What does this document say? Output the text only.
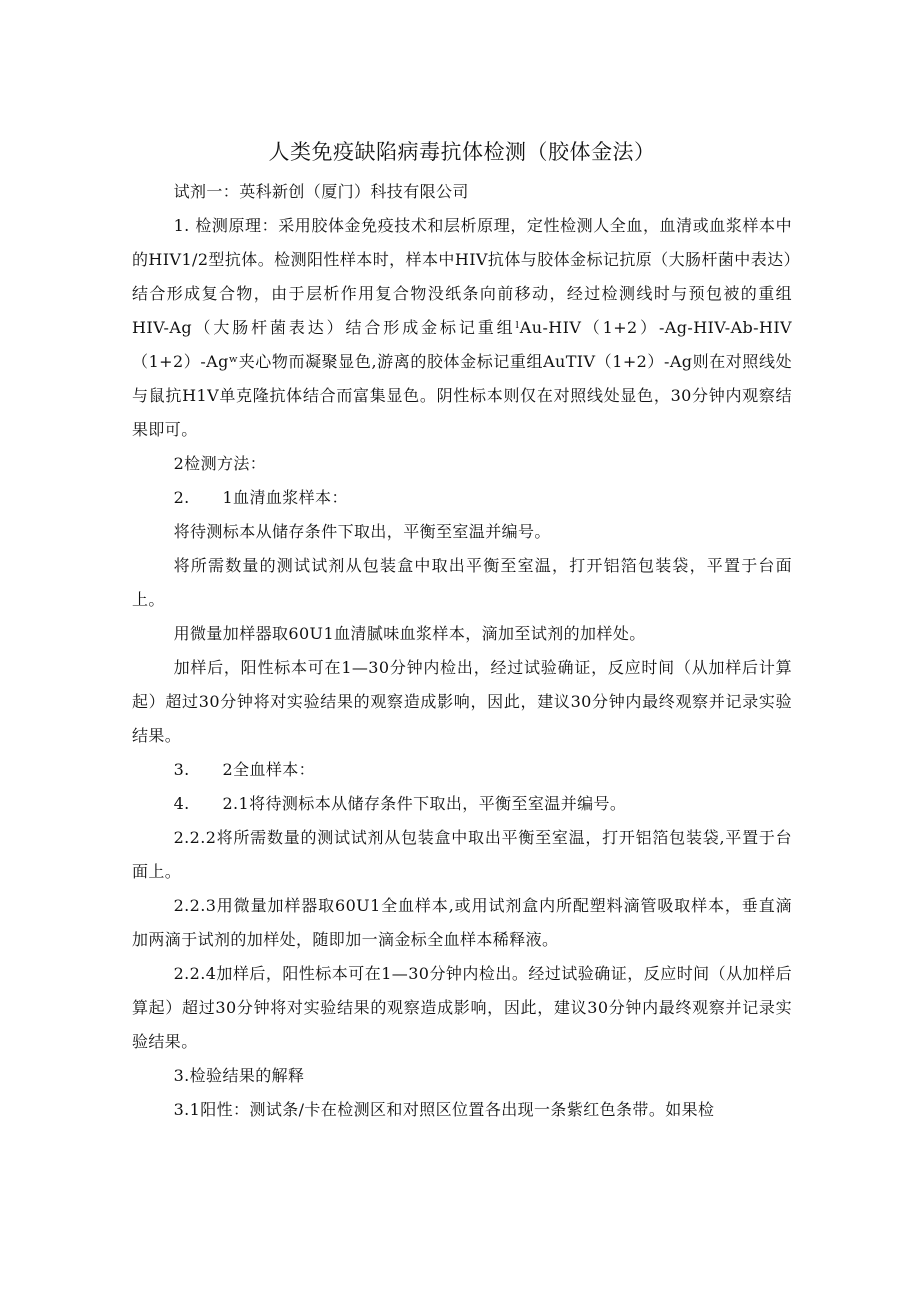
人类免疫缺陷病毒抗体检测（胶体金法）

试剂一：英科新创（厦门）科技有限公司

1. 检测原理：采用胶体金免疫技术和层析原理，定性检测人全血，血清或血浆样本中的HIV1/2型抗体。检测阳性样本时，样本中HIV抗体与胶体金标记抗原（大肠杆菌中表达）结合形成复合物，由于层析作用复合物没纸条向前移动，经过检测线时与预包被的重组HIV-Ag（大肠杆菌表达）结合形成金标记重组ˡAu-HIV（1+2）-Ag-HIV-Ab-HIV（1+2）-Agʷ夹心物而凝聚显色,游离的胶体金标记重组AuTIV（1+2）-Ag则在对照线处与鼠抗H1V单克隆抗体结合而富集显色。阴性标本则仅在对照线处显色，30分钟内观察结果即可。

2检测方法：

2.　　1血清血浆样本：

将待测标本从储存条件下取出，平衡至室温并编号。

将所需数量的测试试剂从包装盒中取出平衡至室温，打开铝箔包装袋，平置于台面上。

用微量加样器取60U1血清腻味血浆样本，滴加至试剂的加样处。

加样后，阳性标本可在1—30分钟内检出，经过试验确证，反应时间（从加样后计算起）超过30分钟将对实验结果的观察造成影响，因此，建议30分钟内最终观察并记录实验结果。

3.　　2全血样本：

4.　　2.1将待测标本从储存条件下取出，平衡至室温并编号。

2.2.2将所需数量的测试试剂从包装盒中取出平衡至室温，打开铝箔包装袋,平置于台面上。

2.2.3用微量加样器取60U1全血样本,或用试剂盒内所配塑料滴管吸取样本，垂直滴加两滴于试剂的加样处，随即加一滴金标全血样本稀释液。

2.2.4加样后，阳性标本可在1—30分钟内检出。经过试验确证，反应时间（从加样后算起）超过30分钟将对实验结果的观察造成影响，因此，建议30分钟内最终观察并记录实验结果。

3.检验结果的解释

3.1阳性：测试条/卡在检测区和对照区位置各出现一条紫红色条带。如果检
